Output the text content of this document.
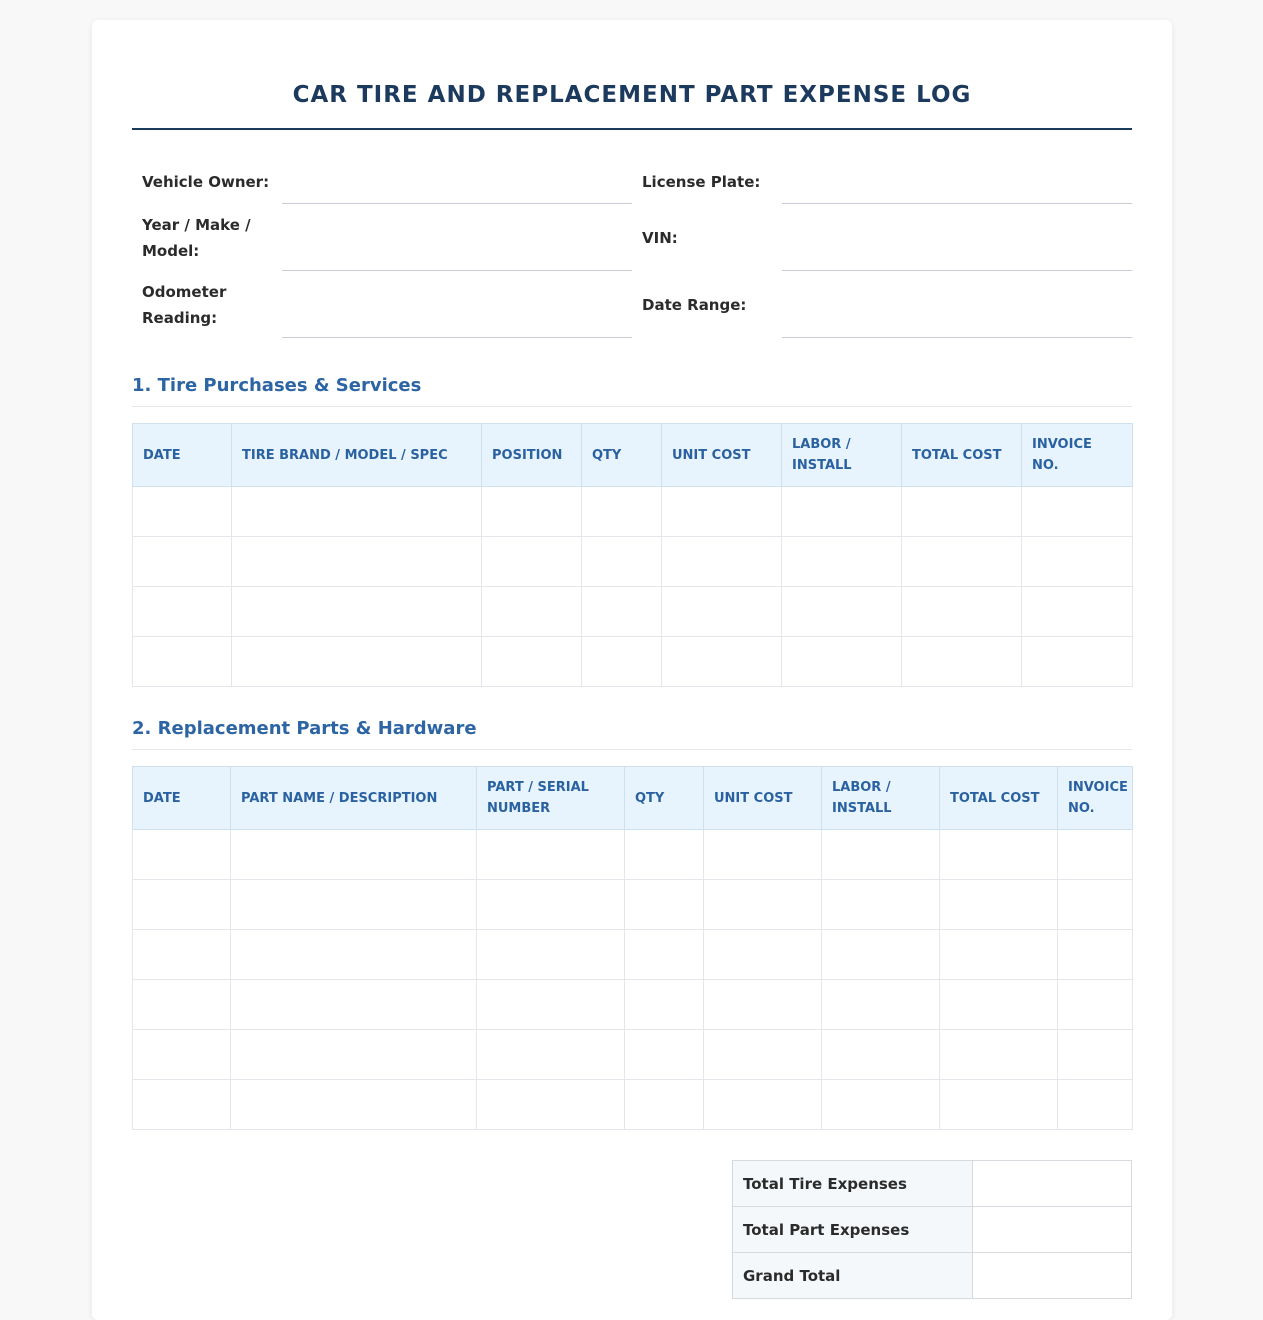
CAR TIRE AND REPLACEMENT PART EXPENSE LOG
Vehicle Owner:	License Plate:
Year / Make / Model:
VIN:
Odometer Reading:
Date Range:
1. Tire Purchases & Services
DATE	TIRE BRAND / MODEL / SPEC	POSITION	QTY	UNIT COST	LABOR / INSTALL	TOTAL COST	INVOICE NO.

2. Replacement Parts & Hardware
DATE	PART NAME / DESCRIPTION	PART / SERIAL NUMBER	QTY	UNIT COST	LABOR / INSTALL	TOTAL COST	INVOICE NO.

Total Tire Expenses	
Total Part Expenses	
Grand Total	
